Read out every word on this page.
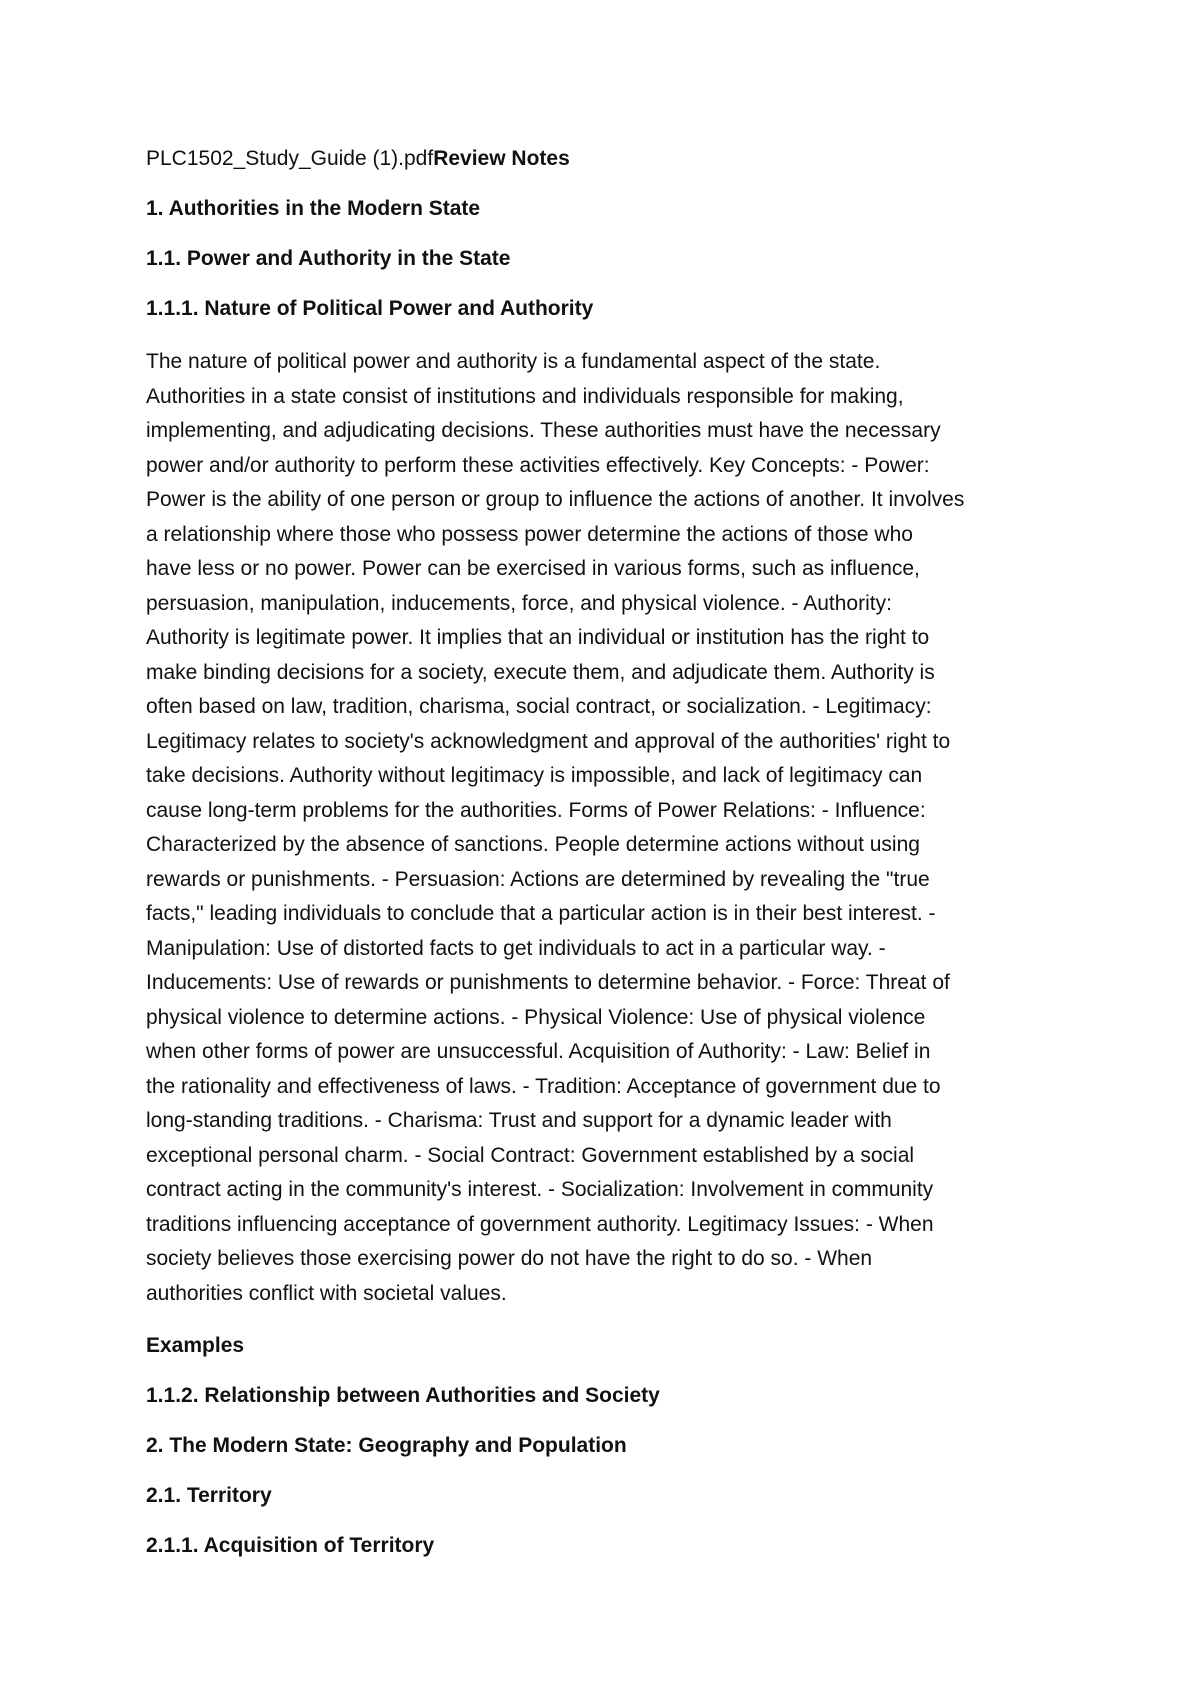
PLC1502_Study_Guide (1).pdfReview Notes
1. Authorities in the Modern State
1.1. Power and Authority in the State
1.1.1. Nature of Political Power and Authority
The nature of political power and authority is a fundamental aspect of the state.
Authorities in a state consist of institutions and individuals responsible for making,
implementing, and adjudicating decisions. These authorities must have the necessary
power and/or authority to perform these activities effectively. Key Concepts: - Power:
Power is the ability of one person or group to influence the actions of another. It involves
a relationship where those who possess power determine the actions of those who
have less or no power. Power can be exercised in various forms, such as influence,
persuasion, manipulation, inducements, force, and physical violence. - Authority:
Authority is legitimate power. It implies that an individual or institution has the right to
make binding decisions for a society, execute them, and adjudicate them. Authority is
often based on law, tradition, charisma, social contract, or socialization. - Legitimacy:
Legitimacy relates to society's acknowledgment and approval of the authorities' right to
take decisions. Authority without legitimacy is impossible, and lack of legitimacy can
cause long-term problems for the authorities. Forms of Power Relations: - Influence:
Characterized by the absence of sanctions. People determine actions without using
rewards or punishments. - Persuasion: Actions are determined by revealing the "true
facts," leading individuals to conclude that a particular action is in their best interest. -
Manipulation: Use of distorted facts to get individuals to act in a particular way. -
Inducements: Use of rewards or punishments to determine behavior. - Force: Threat of
physical violence to determine actions. - Physical Violence: Use of physical violence
when other forms of power are unsuccessful. Acquisition of Authority: - Law: Belief in
the rationality and effectiveness of laws. - Tradition: Acceptance of government due to
long-standing traditions. - Charisma: Trust and support for a dynamic leader with
exceptional personal charm. - Social Contract: Government established by a social
contract acting in the community's interest. - Socialization: Involvement in community
traditions influencing acceptance of government authority. Legitimacy Issues: - When
society believes those exercising power do not have the right to do so. - When
authorities conflict with societal values.
Examples
1.1.2. Relationship between Authorities and Society
2. The Modern State: Geography and Population
2.1. Territory
2.1.1. Acquisition of Territory
